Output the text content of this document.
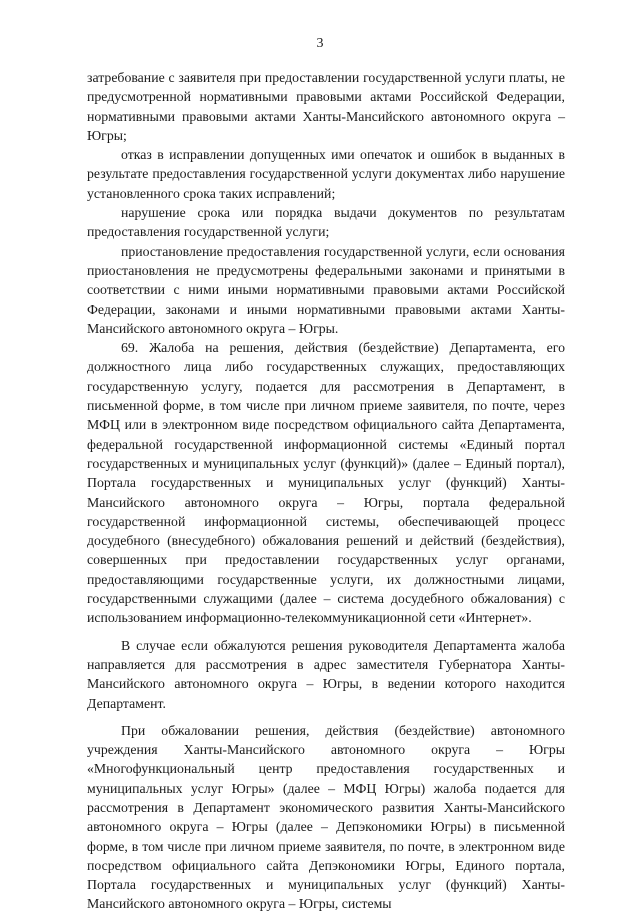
3

затребование с заявителя при предоставлении государственной услуги платы, не предусмотренной нормативными правовыми актами Российской Федерации, нормативными правовыми актами Ханты-Мансийского автономного округа – Югры;

отказ в исправлении допущенных ими опечаток и ошибок в выданных в результате предоставления государственной услуги документах либо нарушение установленного срока таких исправлений;

нарушение срока или порядка выдачи документов по результатам предоставления государственной услуги;

приостановление предоставления государственной услуги, если основания приостановления не предусмотрены федеральными законами и принятыми в соответствии с ними иными нормативными правовыми актами Российской Федерации, законами и иными нормативными правовыми актами Ханты-Мансийского автономного округа – Югры.

69. Жалоба на решения, действия (бездействие) Департамента, его должностного лица либо государственных служащих, предоставляющих государственную услугу, подается для рассмотрения в Департамент, в письменной форме, в том числе при личном приеме заявителя, по почте, через МФЦ или в электронном виде посредством официального сайта Департамента, федеральной государственной информационной системы «Единый портал государственных и муниципальных услуг (функций)» (далее – Единый портал), Портала государственных и муниципальных услуг (функций) Ханты-Мансийского автономного округа – Югры, портала федеральной государственной информационной системы, обеспечивающей процесс досудебного (внесудебного) обжалования решений и действий (бездействия), совершенных при предоставлении государственных услуг органами, предоставляющими государственные услуги, их должностными лицами, государственными служащими (далее – система досудебного обжалования) с использованием информационно-телекоммуникационной сети «Интернет».

В случае если обжалуются решения руководителя Департамента жалоба направляется для рассмотрения в адрес заместителя Губернатора Ханты-Мансийского автономного округа – Югры, в ведении которого находится Департамент.

При обжаловании решения, действия (бездействие) автономного учреждения Ханты-Мансийского автономного округа – Югры «Многофункциональный центр предоставления государственных и муниципальных услуг Югры» (далее – МФЦ Югры) жалоба подается для рассмотрения в Департамент экономического развития Ханты-Мансийского автономного округа – Югры (далее – Депэкономики Югры) в письменной форме, в том числе при личном приеме заявителя, по почте, в электронном виде посредством официального сайта Депэкономики Югры, Единого портала, Портала государственных и муниципальных услуг (функций) Ханты-Мансийского автономного округа – Югры, системы
